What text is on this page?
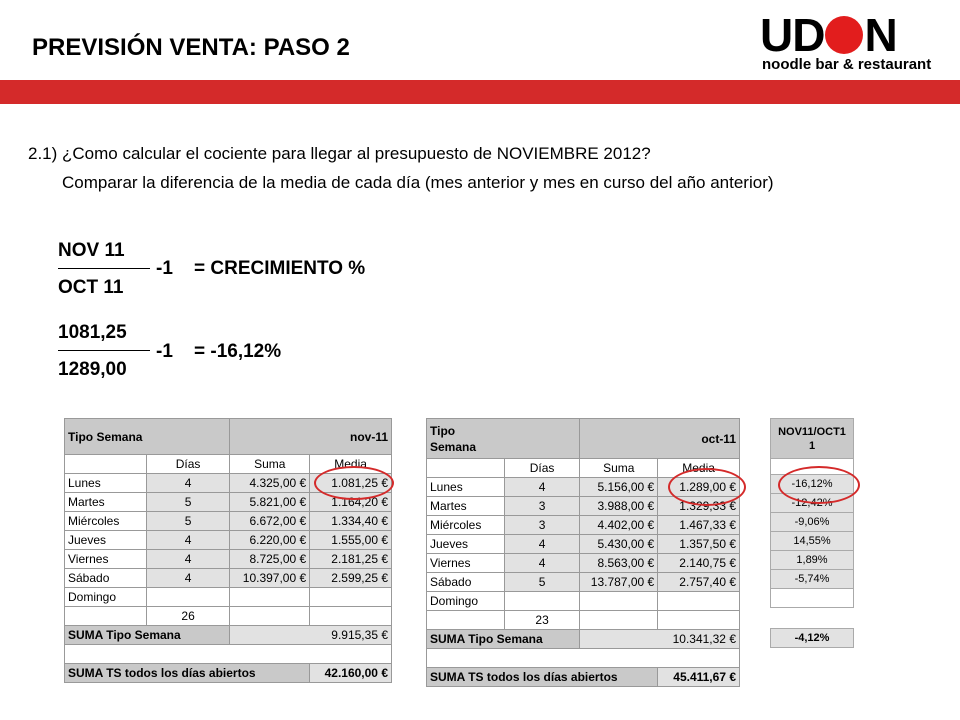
PREVISIÓN VENTA: PASO 2	UD N
noodle bar & restaurant
2.1) ¿Como calcular el cociente para llegar al presupuesto de NOVIEMBRE 2012?
Comparar la diferencia de la media de cada día (mes anterior y mes en curso del año anterior)
NOV 11
OCT 11
-1 = CRECIMIENTO %
$\frac{1081,25}{1289,00} -1 = -16,12\%$
Tipo Semana		nov-11	
	Días	Suma	Media
Lunes	4	4.325,00 €	1.081,25 €
Martes	5	5.821,00 €	1.164,20 €
Miércoles	5	6.672,00 €	1.334,40 €
Jueves	4	6.220,00 €	1.555,00 €
Viernes	4	8.725,00 €	2.181,25 €
Sábado	4	10.397,00 €	2.599,25 €
Domingo			
	26		
SUMA Tipo Semana		9.915,35 €	

SUMA TS todos los días abiertos			42.160,00 €
Tipo
Semana		oct-11	
	Días	Suma	Media
Lunes	4	5.156,00 €	1.289,00 €
Martes	3	3.988,00 €	1.329,33 €
Miércoles	3	4.402,00 €	1.467,33 €
Jueves	4	5.430,00 €	1.357,50 €
Viernes	4	8.563,00 €	2.140,75 €
Sábado	5	13.787,00 €	2.757,40 €
Domingo			
	23		
SUMA Tipo Semana		10.341,32 €	

SUMA TS todos los días abiertos			45.411,67 €
NOV11/OCT1
1

-16,12%
-12,42%
-9,06%
14,55%
1,89%
-5,74%

-4,12%
